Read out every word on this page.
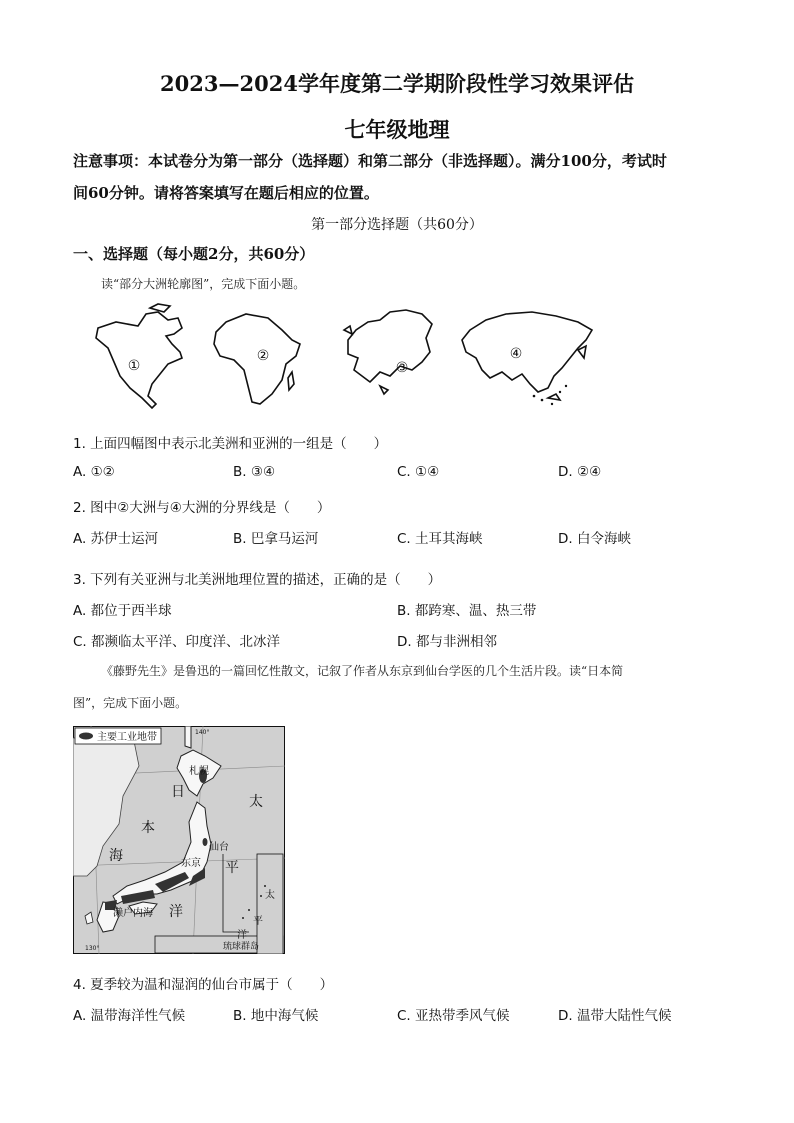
2023—2024学年度第二学期阶段性学习效果评估
七年级地理
注意事项：本试卷分为第一部分（选择题）和第二部分（非选择题）。满分100分，考试时
间60分钟。请将答案填写在题后相应的位置。
第一部分选择题（共60分）
一、选择题（每小题2分，共60分）
读“部分大洲轮廓图”，完成下面小题。
①
②
③
④
1. 上面四幅图中表示北美洲和亚洲的一组是（　　）
A. ①②	B. ③④	C. ①④	D. ②④
2. 图中②大洲与④大洲的分界线是（　　）
A. 苏伊士运河	B. 巴拿马运河	C. 土耳其海峡	D. 白令海峡
3. 下列有关亚洲与北美洲地理位置的描述，正确的是（　　）
A. 都位于西半球	B. 都跨寒、温、热三带
C. 都濒临太平洋、印度洋、北冰洋	D. 都与非洲相邻
《藤野先生》是鲁迅的一篇回忆性散文，记叙了作者从东京到仙台学医的几个生活片段。读“日本简
图”，完成下面小题。
主要工业地带
札幌
仙台
东京
濑户内海
日
本
海
太
平
洋
太
平
洋
琉球群岛
140°
130°
4. 夏季较为温和湿润的仙台市属于（　　）
A. 温带海洋性气候	B. 地中海气候	C. 亚热带季风气候	D. 温带大陆性气候
